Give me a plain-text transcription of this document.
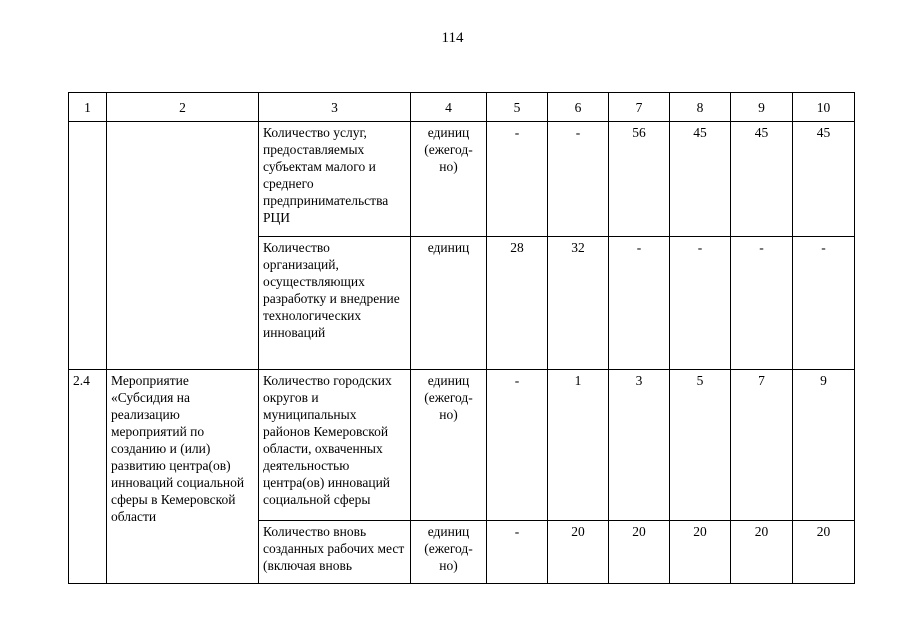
114
1	2	3	4	5	6	7	8	9	10
		Количество услуг, предоставляемых субъектам малого и среднего предпринимательства РЦИ	единиц (ежегод-но)	-	-	56	45	45	45
		Количество организаций, осуществляющих разработку и внедрение технологических инноваций	единиц	28	32	-	-	-	-
2.4	Мероприятие «Субсидия на реализацию мероприятий по созданию и (или) развитию центра(ов) инноваций социальной сферы в Кемеровской области	Количество городских округов и муниципальных районов Кемеровской области, охваченных деятельностью центра(ов) инноваций социальной сферы	единиц (ежегод-но)	-	1	3	5	7	9
		Количество вновь созданных рабочих мест (включая вновь	единиц (ежегод-но)	-	20	20	20	20	20
